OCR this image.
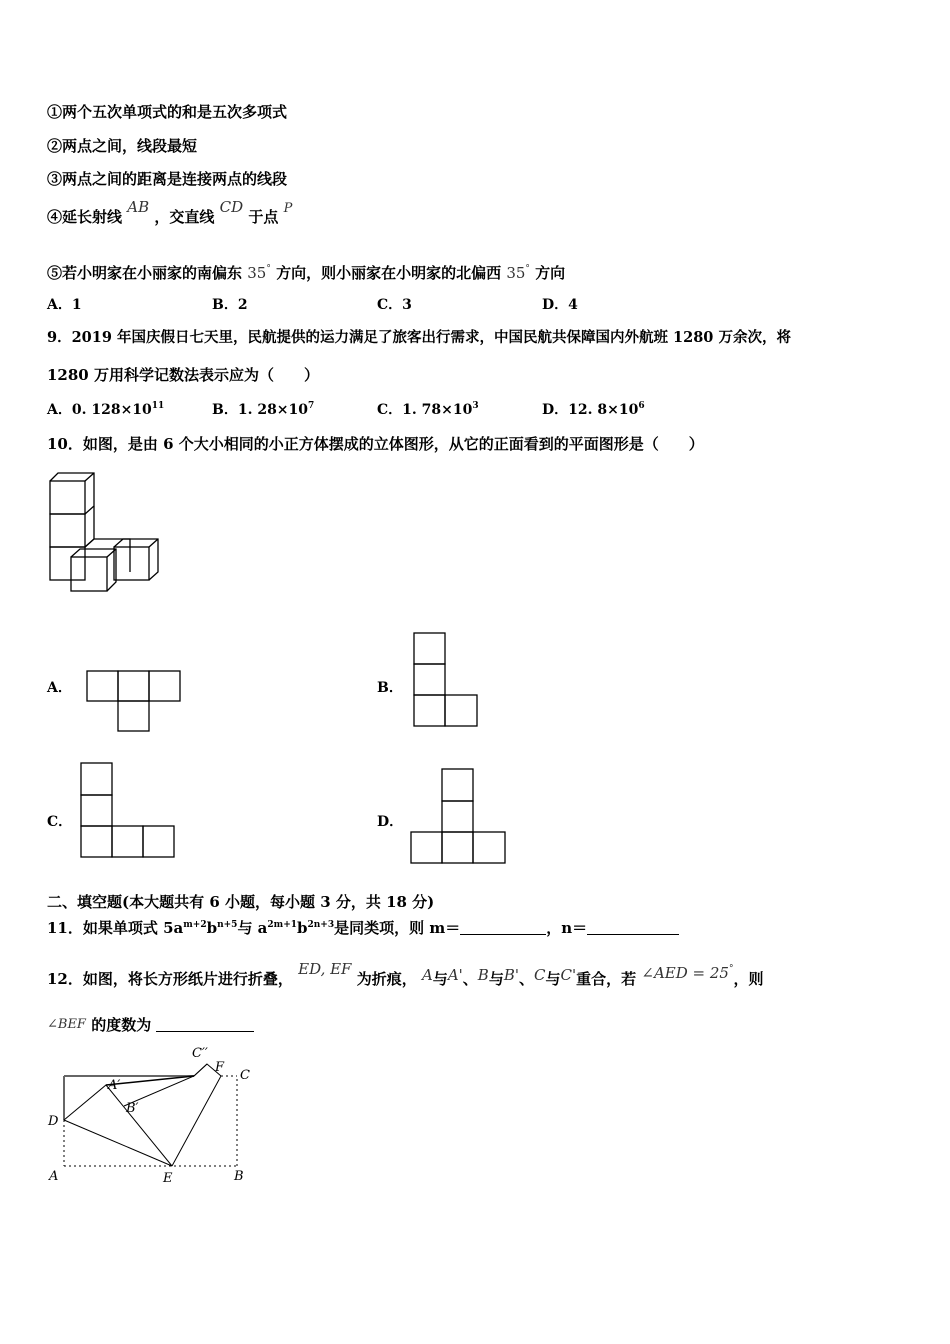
①两个五次单项式的和是五次多项式
②两点之间，线段最短
③两点之间的距离是连接两点的线段
④延长射线 AB ，交直线 CD 于点 P
⑤若小明家在小丽家的南偏东 35° 方向，则小丽家在小明家的北偏西 35° 方向
A．1	B．2	C．3	D．4
9．2019 年国庆假日七天里，民航提供的运力满足了旅客出行需求，中国民航共保障国内外航班 1280 万余次，将
1280 万用科学记数法表示应为（　　）
A．0. $128\times 10^{11}$	B．1. $28\times 10^7$	C．1. $78\times 10^3$	D．12. $8\times 10^6$
10．如图，是由 6 个大小相同的小正方体摆成的立体图形，从它的正面看到的平面图形是（　　）
A．	B．
C．	D．
二、填空题(本大题共有 6 小题，每小题 3 分，共 18 分)
11．如果单项式 $5a^{m+2}b^{n+5}$与 $a^{2m+1}b^{2n+3}$是同类项，则 m＝	，n＝
12．如图，将长方形纸片进行折叠， ED, EF 为折痕， A与A'、B与B'、C与C'重合，若 ∠AED = 25°，则
∠BEF 的度数为
D
A	E	B
C
F
C′′
A′
B′
